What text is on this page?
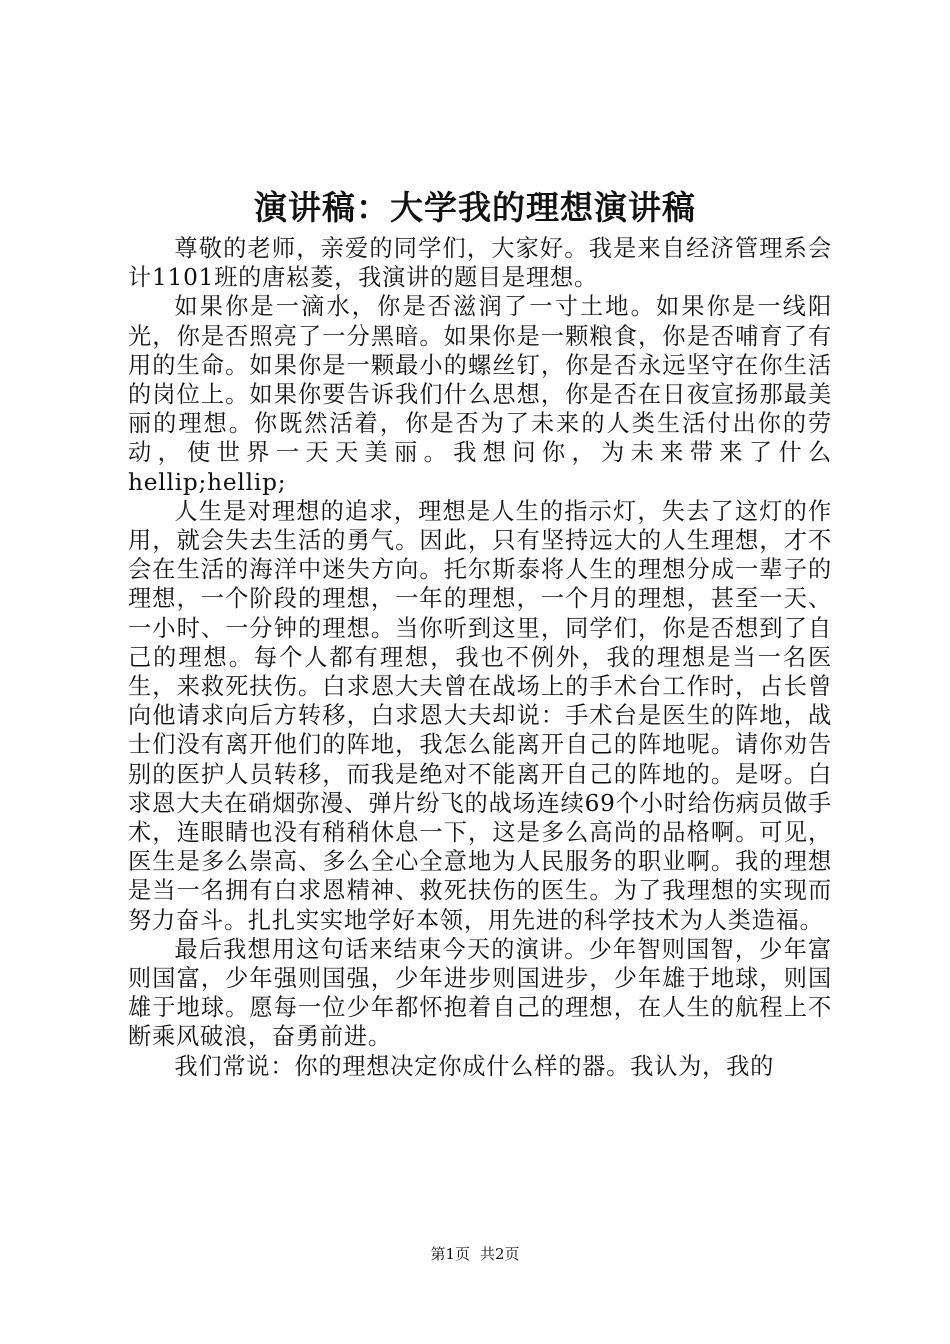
演讲稿：大学我的理想演讲稿

尊敬的老师，亲爱的同学们，大家好。我是来自经济管理系会计1101班的唐崧菱，我演讲的题目是理想。

如果你是一滴水，你是否滋润了一寸土地。如果你是一线阳光，你是否照亮了一分黑暗。如果你是一颗粮食，你是否哺育了有用的生命。如果你是一颗最小的螺丝钉，你是否永远坚守在你生活的岗位上。如果你要告诉我们什么思想，你是否在日夜宣扬那最美丽的理想。你既然活着，你是否为了未来的人类生活付出你的劳动，使世界一天天美丽。我想问你，为未来带来了什么hellip;hellip;

人生是对理想的追求，理想是人生的指示灯，失去了这灯的作用，就会失去生活的勇气。因此，只有坚持远大的人生理想，才不会在生活的海洋中迷失方向。托尔斯泰将人生的理想分成一辈子的理想，一个阶段的理想，一年的理想，一个月的理想，甚至一天、一小时、一分钟的理想。当你听到这里，同学们，你是否想到了自己的理想。每个人都有理想，我也不例外，我的理想是当一名医生，来救死扶伤。白求恩大夫曾在战场上的手术台工作时，占长曾向他请求向后方转移，白求恩大夫却说：手术台是医生的阵地，战士们没有离开他们的阵地，我怎么能离开自己的阵地呢。请你劝告别的医护人员转移，而我是绝对不能离开自己的阵地的。是呀。白求恩大夫在硝烟弥漫、弹片纷飞的战场连续69个小时给伤病员做手术，连眼睛也没有稍稍休息一下，这是多么高尚的品格啊。可见，医生是多么崇高、多么全心全意地为人民服务的职业啊。我的理想是当一名拥有白求恩精神、救死扶伤的医生。为了我理想的实现而努力奋斗。扎扎实实地学好本领，用先进的科学技术为人类造福。

最后我想用这句话来结束今天的演讲。少年智则国智，少年富则国富，少年强则国强，少年进步则国进步，少年雄于地球，则国雄于地球。愿每一位少年都怀抱着自己的理想，在人生的航程上不断乘风破浪，奋勇前进。

我们常说：你的理想决定你成什么样的器。我认为，我的

第1页 共2页
